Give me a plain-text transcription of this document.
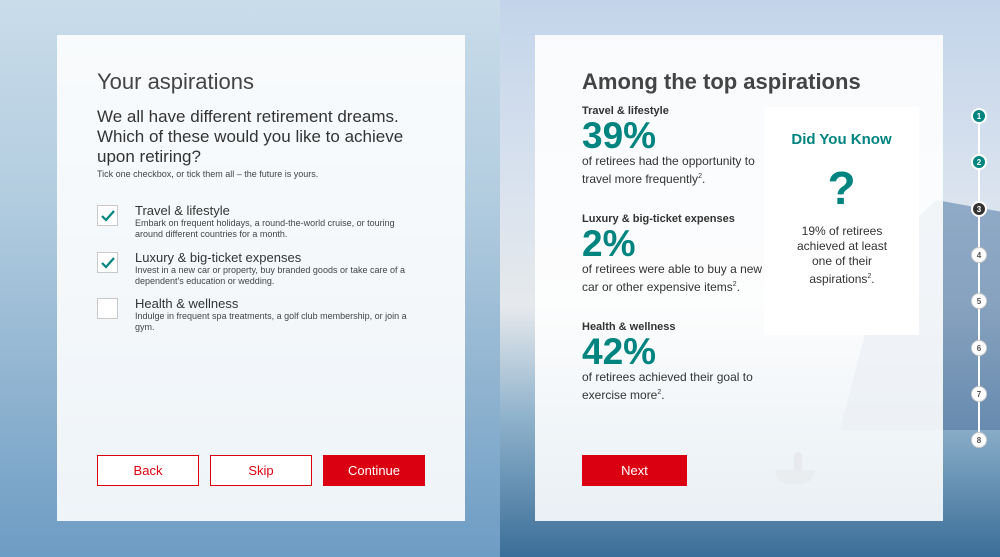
Your aspirations

We all have different retirement dreams. Which of these would you like to achieve upon retiring?

Tick one checkbox, or tick them all – the future is yours.

Travel & lifestyle
Embark on frequent holidays, a round-the-world cruise, or touring around different countries for a month.
Luxury & big-ticket expenses
Invest in a new car or property, buy branded goods or take care of a dependent's education or wedding.
Health & wellness
Indulge in frequent spa treatments, a golf club membership, or join a gym.
Back	Skip	Continue
Among the top aspirations
Travel & lifestyle
39%
of retirees had the opportunity to travel more frequently$^2$.
Luxury & big-ticket expenses
2%
of retirees were able to buy a new car or other expensive items$^2$.
Health & wellness
42%
of retirees achieved their goal to exercise more$^2$.
Did You Know
?
19% of retirees achieved at least one of their aspirations$^2$.
Next
1
2
3
4
5
6
7
8
